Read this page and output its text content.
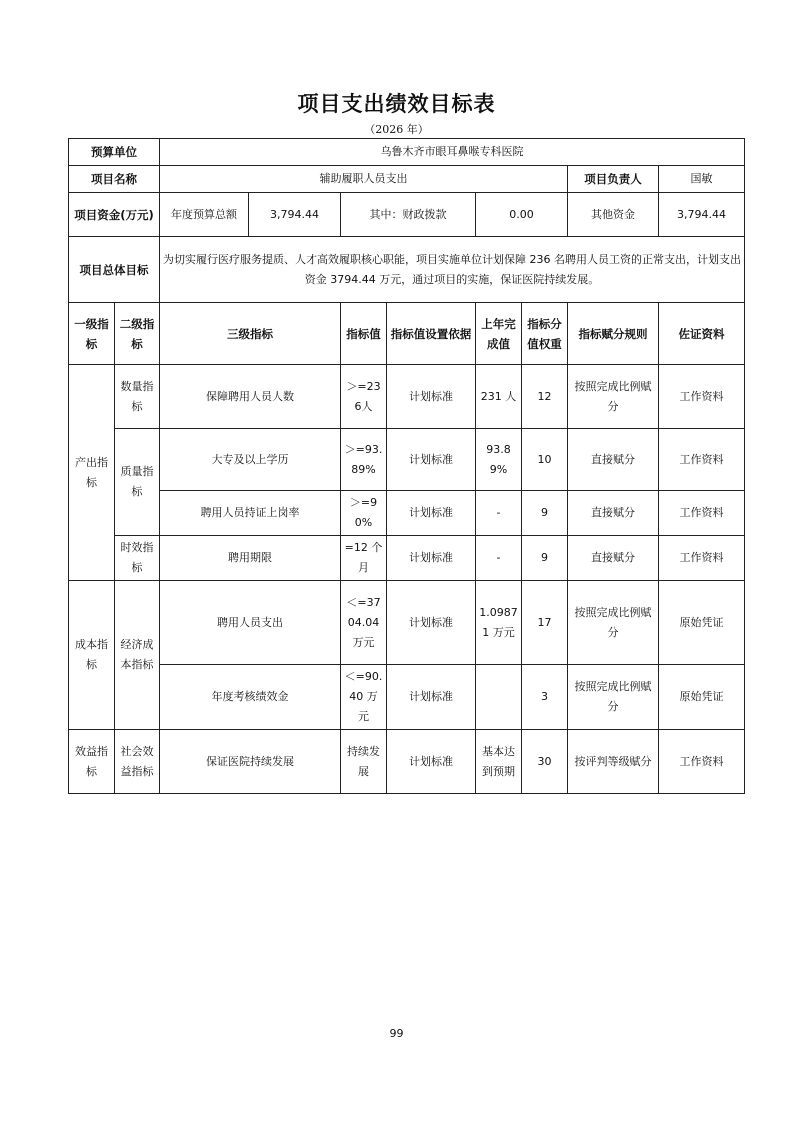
项目支出绩效目标表
（2026 年）
预算单位		乌鲁木齐市眼耳鼻喉专科医院							
项目名称		辅助履职人员支出						项目负责人	国敏
项目资金(万元)		年度预算总额	3,794.44	其中：财政拨款		0.00		其他资金	3,794.44
项目总体目标		为切实履行医疗服务提质、人才高效履职核心职能，项目实施单位计划保障 236 名聘用人员工资的正常支出，计划支出资金 3794.44 万元，通过项目的实施，保证医院持续发展。							
一级指标	二级指标	三级指标		指标值	指标值设置依据	上年完成值	指标分值权重	指标赋分规则	佐证资料
产出指标	数量指标	保障聘用人员人数		＞=236人	计划标准	231 人	12	按照完成比例赋分	工作资料
	质量指标	大专及以上学历		＞=93.89%	计划标准	93.89%	10	直接赋分	工作资料
		聘用人员持证上岗率		＞=90%	计划标准	-	9	直接赋分	工作资料
	时效指标	聘用期限		=12 个月	计划标准	-	9	直接赋分	工作资料
成本指标	经济成本指标	聘用人员支出		＜=3704.04 万元	计划标准	1.09871 万元	17	按照完成比例赋分	原始凭证
		年度考核绩效金		＜=90.40 万元	计划标准		3	按照完成比例赋分	原始凭证
效益指标	社会效益指标	保证医院持续发展		持续发展	计划标准	基本达到预期	30	按评判等级赋分	工作资料
99
